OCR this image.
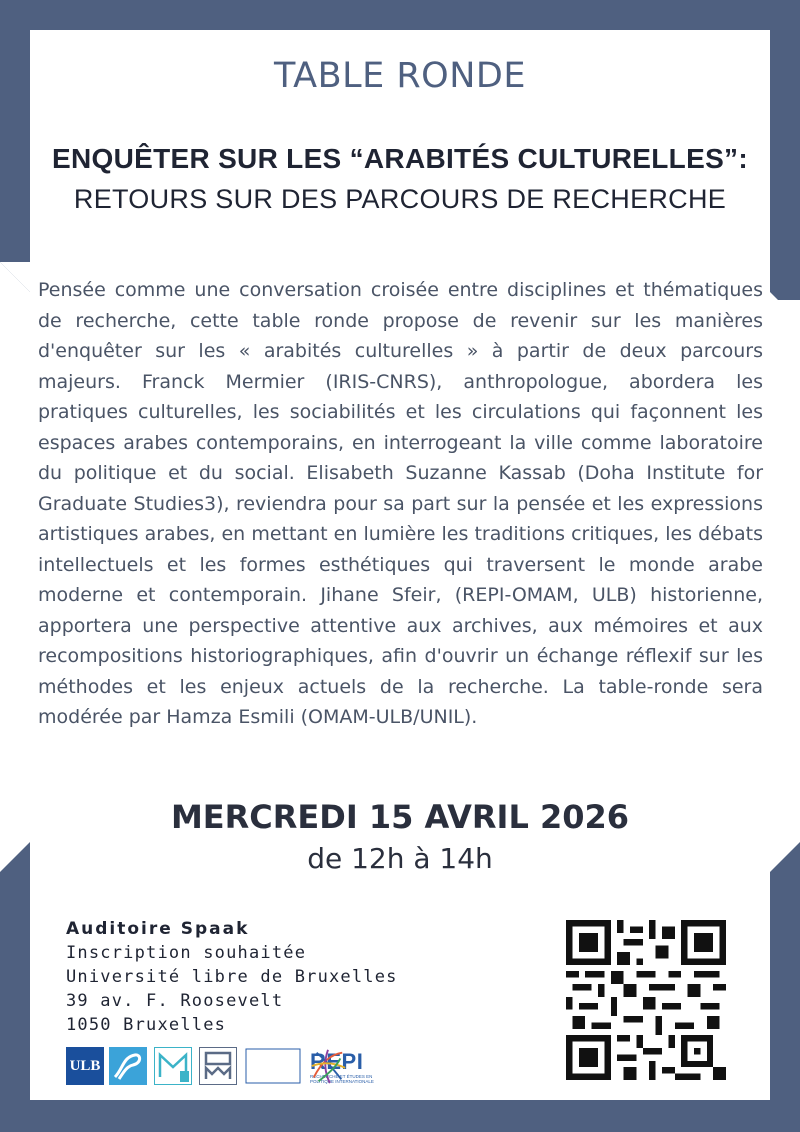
TABLE RONDE
ENQUÊTER SUR LES “ARABITÉS CULTURELLES”:
RETOURS SUR DES PARCOURS DE RECHERCHE

Pensée comme une conversation croisée entre disciplines et thématiques de recherche, cette table ronde propose de revenir sur les manières d'enquêter sur les « arabités culturelles » à partir de deux parcours majeurs. Franck Mermier (IRIS-CNRS), anthropologue, abordera les pratiques culturelles, les sociabilités et les circulations qui façonnent les espaces arabes contemporains, en interrogeant la ville comme laboratoire du politique et du social. Elisabeth Suzanne Kassab (Doha Institute for Graduate Studies3), reviendra pour sa part sur la pensée et les expressions artistiques arabes, en mettant en lumière les traditions critiques, les débats intellectuels et les formes esthétiques qui traversent le monde arabe moderne et contemporain. Jihane Sfeir, (REPI-OMAM, ULB) historienne, apportera une perspective attentive aux archives, aux mémoires et aux recompositions historiographiques, afin d'ouvrir un échange réflexif sur les méthodes et les enjeux actuels de la recherche. La table-ronde sera modérée par Hamza Esmili (OMAM-ULB/UNIL).

MERCREDI 15 AVRIL 2026
de 12h à 14h
Auditoire Spaak
Inscription souhaitée
Université libre de Bruxelles
39 av. F. Roosevelt
1050 Bruxelles
ULB	REPI
RECHERCHE ET ÉTUDES EN POLITIQUE INTERNATIONALE
